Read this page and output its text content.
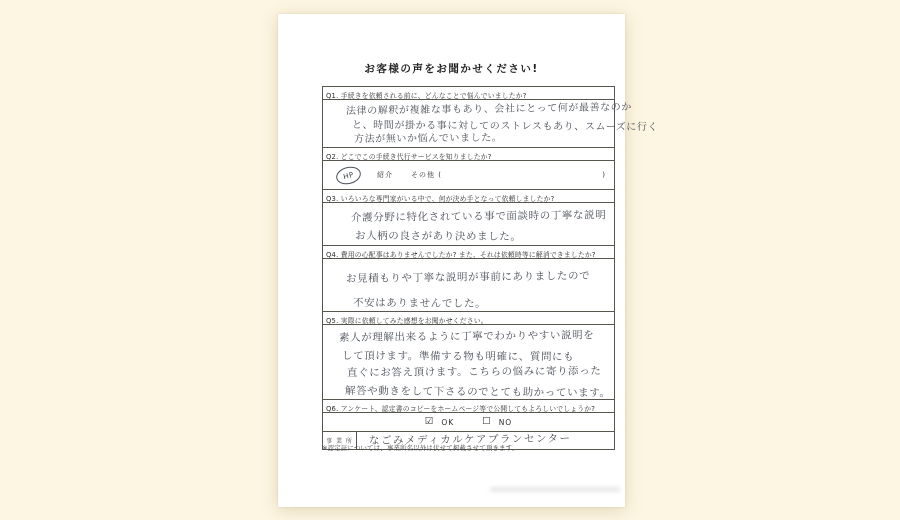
お客様の声をお聞かせください!
Q1. 手続きを依頼される前に、どんなことで悩んでいましたか?
法律の解釈が複雑な事もあり、会社にとって何が最善なのか
と、時間が掛かる事に対してのストレスもあり、スムーズに行く
方法が無いか悩んでいました。
Q2. どこでこの手続き代行サービスを知りましたか?
HP	紹介	その他 (	)
Q3. いろいろな専門家がいる中で、何が決め手となって依頼しましたか?
介護分野に特化されている事で面談時の丁寧な説明
お人柄の良さがあり決めました。
Q4. 費用の心配事はありませんでしたか? また、それは依頼時等に解消できましたか?
お見積もりや丁寧な説明が事前にありましたので
不安はありませんでした。
Q5. 実際に依頼してみた感想をお聞かせください。
素人が理解出来るように丁寧でわかりやすい説明を
して頂けます。準備する物も明確に、質問にも
直ぐにお答え頂けます。こちらの悩みに寄り添った
解答や動きをして下さるのでとても助かっています。
Q6. アンケート、認定書のコピーをホームページ等で公開してもよろしいでしょうか?
☑ OK	☐ NO
事 業 所	なごみメディカルケアプランセンター
※認定証については、事業所名以外は伏せて掲載させて頂きます。
